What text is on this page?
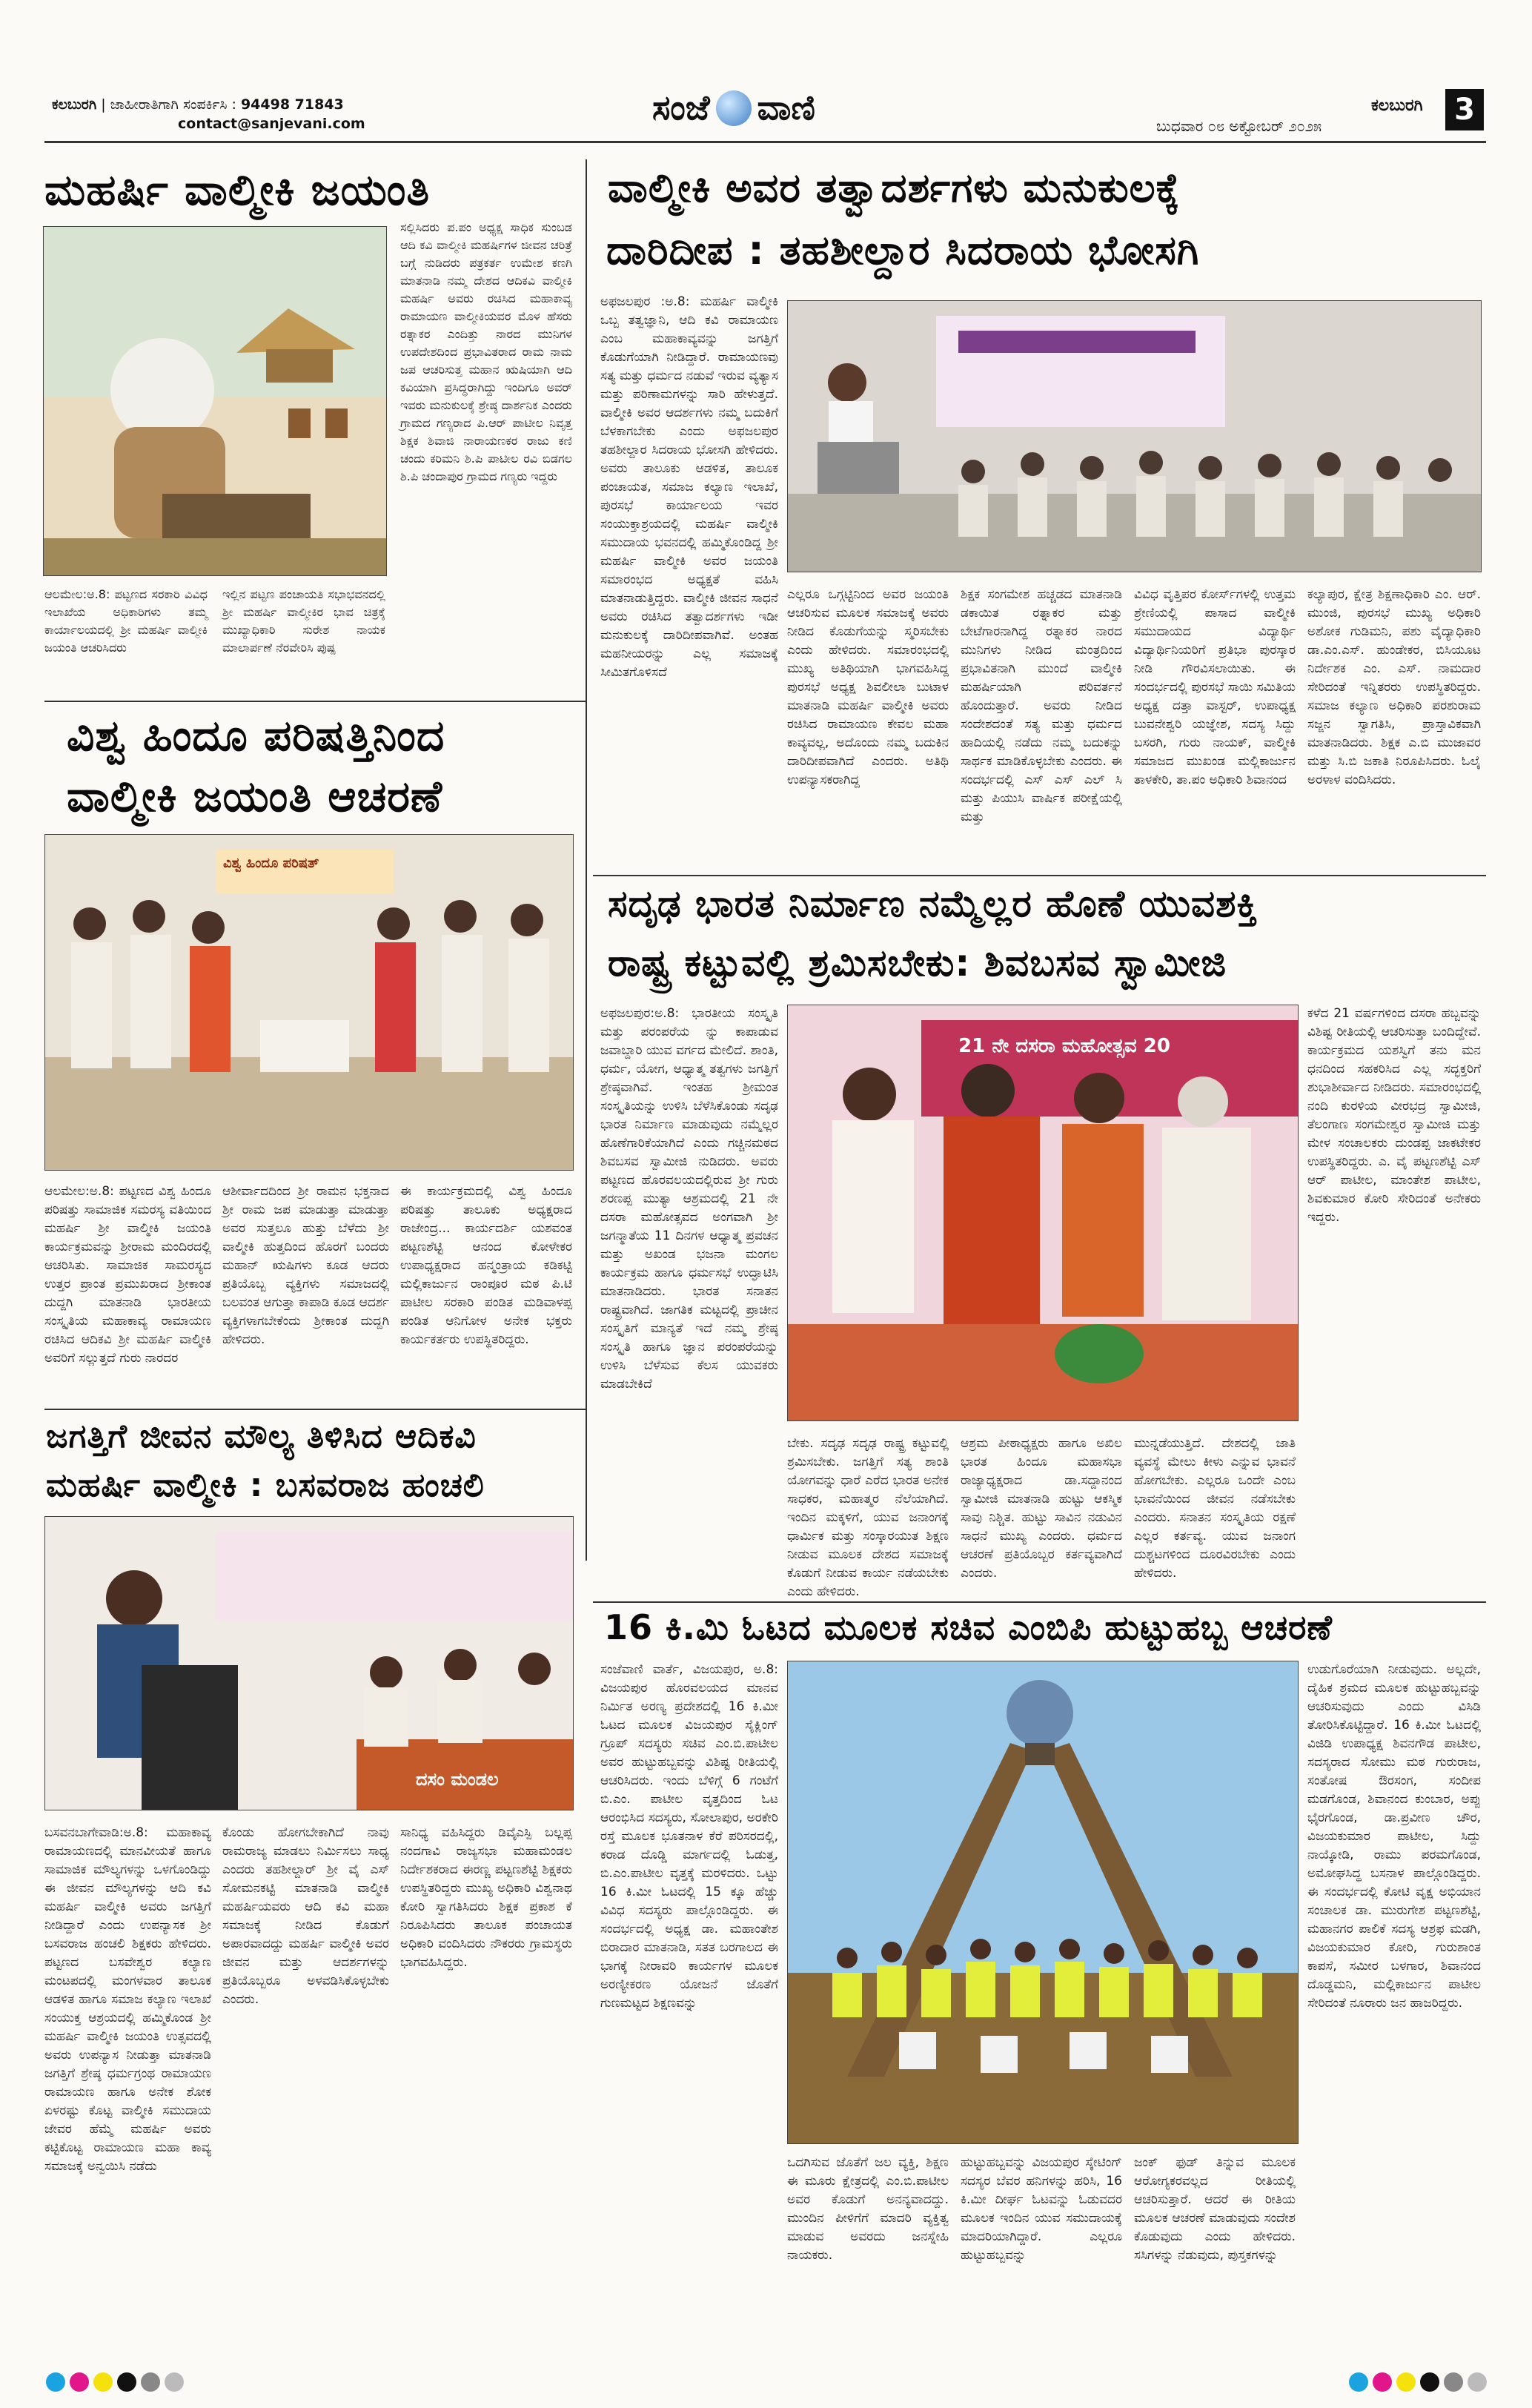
ಕಲಬುರಗಿ | ಜಾಹೀರಾತಿಗಾಗಿ ಸಂಪರ್ಕಿಸಿ : 94498 71843
contact@sanjevani.com	ಸಂಜೆ ವಾಣಿ	ಬುಧವಾರ ೦೮ ಅಕ್ಟೋಬರ್ ೨೦೨೫
ಕಲಬುರಗಿ	3
ಮಹರ್ಷಿ ವಾಲ್ಮೀಕಿ ಜಯಂತಿ
ಸಲ್ಲಿಸಿದರು ಪ.ಪಂ ಅಧ್ಯಕ್ಷ ಸಾಧಿಕ ಸುಂಬಡ ಆದಿ ಕವಿ ವಾಲ್ಮೀಕಿ ಮಹರ್ಷಿಗಳ ಜೀವನ ಚರಿತ್ರೆ ಬಗ್ಗೆ ನುಡಿದರು ಪತ್ರಕರ್ತ ಉಮೇಶ ಕಣಗಿ ಮಾತನಾಡಿ ನಮ್ಮ ದೇಶದ ಆದಿಕವಿ ವಾಲ್ಮೀಕಿ ಮಹರ್ಷಿ ಅವರು ರಚಿಸಿದ ಮಹಾಕಾವ್ಯ ರಾಮಾಯಣ ವಾಲ್ಮೀಕಿಯವರ ಮೊಳ ಹೆಸರು ರತ್ನಾಕರ ಎಂದಿತ್ತು ನಾರದ ಮುನಿಗಳ ಉಪದೇಶದಿಂದ ಪ್ರಭಾವಿತರಾದ ರಾಮ ನಾಮ ಜಪ ಆಚರಿಸುತ್ತ ಮಹಾನ ಋಷಿಯಾಗಿ ಆದಿ ಕವಿಯಾಗಿ ಪ್ರಸಿದ್ಧರಾಗಿದ್ದು ಇಂದಿಗೂ ಅವರ್ ಇವರು ಮನುಕುಲಕ್ಕೆ ಶ್ರೇಷ್ಠ ದಾರ್ಶನಿಕ ಎಂದರು ಗ್ರಾಮದ ಗಣ್ಯರಾದ ಪಿ.ಆರ್ ಪಾಟೀಲ ನಿವೃತ್ತ ಶಿಕ್ಷಕ ಶಿವಾಜಿ ನಾರಾಯಣಕರ ರಾಜು ಕಣಿ ಚಂದು ಕರಿಮನಿ ಶಿ.ಪಿ ಪಾಟೀಲ ರವಿ ಬಿಡಗಲ ಶಿ.ಪಿ ಚಂದಾಪುರ ಗ್ರಾಮದ ಗಣ್ಯರು ಇದ್ದರು
ಆಲಮೇಲ:ಅ.8: ಪಟ್ಟಣದ ಸರಕಾರಿ ವಿವಿಧ ಇಲಾಖೆಯ ಅಧಿಕಾರಿಗಳು ತಮ್ಮ ಕಾರ್ಯಾಲಯದಲ್ಲಿ ಶ್ರೀ ಮಹರ್ಷಿ ವಾಲ್ಮೀಕಿ ಜಯಂತಿ ಆಚರಿಸಿದರು
ಇಲ್ಲಿನ ಪಟ್ಟಣ ಪಂಚಾಯತಿ ಸಭಾಭವನದಲ್ಲಿ ಶ್ರೀ ಮಹರ್ಷಿ ವಾಲ್ಮೀಕಿರ ಭಾವ ಚಿತ್ರಕ್ಕೆ ಮುಖ್ಯಾಧಿಕಾರಿ ಸುರೇಶ ನಾಯಕ ಮಾಲಾರ್ಪಣೆ ನೆರವೇರಿಸಿ ಪುಷ್ಪ
ವಾಲ್ಮೀಕಿ ಅವರ ತತ್ವಾದರ್ಶಗಳು ಮನುಕುಲಕ್ಕೆ
ದಾರಿದೀಪ : ತಹಶೀಲ್ದಾರ ಸಿದರಾಯ ಭೋಸಗಿ
ಅಫಜಲಪುರ :ಅ.8: ಮಹರ್ಷಿ ವಾಲ್ಮೀಕಿ ಒಬ್ಬ ತತ್ವಜ್ಞಾನಿ, ಆದಿ ಕವಿ ರಾಮಾಯಣ ಎಂಬ ಮಹಾಕಾವ್ಯವನ್ನು ಜಗತ್ತಿಗೆ ಕೊಡುಗೆಯಾಗಿ ನೀಡಿದ್ದಾರೆ. ರಾಮಾಯಣವು ಸತ್ಯ ಮತ್ತು ಧರ್ಮದ ನಡುವೆ ಇರುವ ವ್ಯತ್ಯಾಸ ಮತ್ತು ಪರಿಣಾಮಗಳನ್ನು ಸಾರಿ ಹೇಳುತ್ತದೆ. ವಾಲ್ಮೀಕಿ ಅವರ ಆದರ್ಶಗಳು ನಮ್ಮ ಬದುಕಿಗೆ ಬೆಳಕಾಗಬೇಕು ಎಂದು ಅಫಜಲಪುರ ತಹಶೀಲ್ದಾರ ಸಿದರಾಯ ಭೋಸಗಿ ಹೇಳಿದರು. ಅವರು ತಾಲೂಕು ಆಡಳಿತ, ತಾಲೂಕ ಪಂಚಾಯತ, ಸಮಾಜ ಕಲ್ಯಾಣ ಇಲಾಖೆ, ಪುರಸಭೆ ಕಾರ್ಯಾಲಯ ಇವರ ಸಂಯುಕ್ತಾಶ್ರಯದಲ್ಲಿ ಮಹರ್ಷಿ ವಾಲ್ಮೀಕಿ ಸಮುದಾಯ ಭವನದಲ್ಲಿ ಹಮ್ಮಿಕೊಂಡಿದ್ದ ಶ್ರೀ ಮಹರ್ಷಿ ವಾಲ್ಮೀಕಿ ಅವರ ಜಯಂತಿ ಸಮಾರಂಭದ ಅಧ್ಯಕ್ಷತೆ ವಹಿಸಿ ಮಾತನಾಡುತ್ತಿದ್ದರು. ವಾಲ್ಮೀಕಿ ಜೀವನ ಸಾಧನೆ ಅವರು ರಚಿಸಿದ ತತ್ವಾದರ್ಶಗಳು ಇಡೀ ಮನುಕುಲಕ್ಕೆ ದಾರಿದೀಪವಾಗಿವೆ. ಅಂತಹ ಮಹನೀಯರನ್ನು ಎಲ್ಲ ಸಮಾಜಕ್ಕೆ ಸೀಮಿತಗೊಳಿಸದೆ
ಎಲ್ಲರೂ ಒಗ್ಗಟ್ಟಿನಿಂದ ಅವರ ಜಯಂತಿ ಆಚರಿಸುವ ಮೂಲಕ ಸಮಾಜಕ್ಕೆ ಅವರು ನೀಡಿದ ಕೊಡುಗೆಯನ್ನು ಸ್ಮರಿಸಬೇಕು ಎಂದು ಹೇಳಿದರು. ಸಮಾರಂಭದಲ್ಲಿ ಮುಖ್ಯ ಅತಿಥಿಯಾಗಿ ಭಾಗವಹಿಸಿದ್ದ ಪುರಸಭೆ ಅಧ್ಯಕ್ಷ ಶಿವಲೀಲಾ ಬುಟಾಳ ಮಾತನಾಡಿ ಮಹರ್ಷಿ ವಾಲ್ಮೀಕಿ ಅವರು ರಚಿಸಿದ ರಾಮಾಯಣ ಕೇವಲ ಮಹಾ ಕಾವ್ಯವಲ್ಲ, ಅದೊಂದು ನಮ್ಮ ಬದುಕಿನ ದಾರಿದೀಪವಾಗಿದೆ ಎಂದರು. ಅತಿಥಿ ಉಪನ್ಯಾಸಕರಾಗಿದ್ದ
ಶಿಕ್ಷಕ ಸಂಗಮೇಶ ಹಚ್ಚಡದ ಮಾತನಾಡಿ ಡಕಾಯಿತ ರತ್ನಾಕರ ಮತ್ತು ಬೇಟೆಗಾರನಾಗಿದ್ದ ರತ್ನಾಕರ ನಾರದ ಮುನಿಗಳು ನೀಡಿದ ಮಂತ್ರದಿಂದ ಪ್ರಭಾವಿತನಾಗಿ ಮುಂದೆ ವಾಲ್ಮೀಕಿ ಮಹರ್ಷಿಯಾಗಿ ಪರಿವರ್ತನೆ ಹೊಂದುತ್ತಾರೆ. ಅವರು ನೀಡಿದ ಸಂದೇಶದಂತೆ ಸತ್ಯ ಮತ್ತು ಧರ್ಮದ ಹಾದಿಯಲ್ಲಿ ನಡೆದು ನಮ್ಮ ಬದುಕನ್ನು ಸಾರ್ಥಕ ಮಾಡಿಕೊಳ್ಳಬೇಕು ಎಂದರು. ಈ ಸಂದರ್ಭದಲ್ಲಿ ಎಸ್ ಎಸ್ ಎಲ್ ಸಿ ಮತ್ತು ಪಿಯುಸಿ ವಾರ್ಷಿಕ ಪರೀಕ್ಷೆಯಲ್ಲಿ ಮತ್ತು
ವಿವಿಧ ವೃತ್ತಿಪರ ಕೋರ್ಸ್‌ಗಳಲ್ಲಿ ಉತ್ತಮ ಶ್ರೇಣಿಯಲ್ಲಿ ಪಾಸಾದ ವಾಲ್ಮೀಕಿ ಸಮುದಾಯದ ವಿದ್ಯಾರ್ಥಿ ವಿದ್ಯಾರ್ಥಿನಿಯರಿಗೆ ಪ್ರತಿಭಾ ಪುರಸ್ಕಾರ ನೀಡಿ ಗೌರವಿಸಲಾಯಿತು. ಈ ಸಂದರ್ಭದಲ್ಲಿ ಪುರಸಭೆ ಸಾಯಿ ಸಮಿತಿಯ ಅಧ್ಯಕ್ಷ ದತ್ತಾ ವಾಸ್ಟರ್, ಉಪಾಧ್ಯಕ್ಷ ಬುವನೇಶ್ವರಿ ಯಜ್ಞೇಶ, ಸದಸ್ಯ ಸಿದ್ದು ಬಸರಗಿ, ಗುರು ನಾಯಕ್, ವಾಲ್ಮೀಕಿ ಸಮಾಜದ ಮುಖಂಡ ಮಲ್ಲಿಕಾರ್ಜುನ ತಾಳಕೇರಿ, ತಾ.ಪಂ ಅಧಿಕಾರಿ ಶಿವಾನಂದ
ಕಲ್ಯಾಪುರ, ಕ್ಷೇತ್ರ ಶಿಕ್ಷಣಾಧಿಕಾರಿ ಎಂ. ಆರ್. ಮುಂಜಿ, ಪುರಸಭೆ ಮುಖ್ಯ ಅಧಿಕಾರಿ ಅಶೋಕ ಗುಡಿಮನಿ, ಪಶು ವೈದ್ಯಾಧಿಕಾರಿ ಡಾ.ಎಂ.ಎಸ್. ಹುಂಡೇಕರ, ಬಿಸಿಯೂಟ ನಿರ್ದೇಶಕ ಎಂ. ಎಸ್. ನಾಮದಾರ ಸೇರಿದಂತೆ ಇನ್ನಿತರರು ಉಪಸ್ಥಿತರಿದ್ದರು. ಸಮಾಜ ಕಲ್ಯಾಣ ಅಧಿಕಾರಿ ಪರಶುರಾಮ ಸಜ್ಜನ ಸ್ವಾಗತಿಸಿ, ಪ್ರಾಸ್ತಾವಿಕವಾಗಿ ಮಾತನಾಡಿದರು. ಶಿಕ್ಷಕ ಎ.ಬಿ ಮುಜಾವರ ಮತ್ತು ಸಿ.ಬಿ ಜಕಾತಿ ನಿರೂಪಿಸಿದರು. ಓಲೈ ಅರಳಾಳ ವಂದಿಸಿದರು.
ವಿಶ್ವ ಹಿಂದೂ ಪರಿಷತ್ತಿನಿಂದ
ವಾಲ್ಮೀಕಿ ಜಯಂತಿ ಆಚರಣೆ
ವಿಶ್ವ ಹಿಂದೂ ಪರಿಷತ್
ಆಲಮೇಲ:ಅ.8: ಪಟ್ಟಣದ ವಿಶ್ವ ಹಿಂದೂ ಪರಿಷತ್ತು ಸಾಮಾಜಿಕ ಸಮರಸ್ಯ ವತಿಯಿಂದ ಮಹರ್ಷಿ ಶ್ರೀ ವಾಲ್ಮೀಕಿ ಜಯಂತಿ ಕಾರ್ಯಕ್ರಮವನ್ನು ಶ್ರೀರಾಮ ಮಂದಿರದಲ್ಲಿ ಆಚರಿಸಿತು. ಸಾಮಾಜಿಕ ಸಾಮರಸ್ಯದ ಉತ್ತರ ಪ್ರಾಂತ ಪ್ರಮುಖರಾದ ಶ್ರೀಕಾಂತ ದುದ್ದಗಿ ಮಾತನಾಡಿ ಭಾರತೀಯ ಸಂಸ್ಕೃತಿಯ ಮಹಾಕಾವ್ಯ ರಾಮಾಯಣ ರಚಿಸಿದ ಆದಿಕವಿ ಶ್ರೀ ಮಹರ್ಷಿ ವಾಲ್ಮೀಕಿ ಅವರಿಗೆ ಸಲ್ಲುತ್ತದೆ ಗುರು ನಾರದರ
ಆಶೀರ್ವಾದದಿಂದ ಶ್ರೀ ರಾಮನ ಭಕ್ತನಾದ ಶ್ರೀ ರಾಮ ಜಪ ಮಾಡುತ್ತಾ ಮಾಡುತ್ತಾ ಅವರ ಸುತ್ತಲೂ ಹುತ್ತು ಬೆಳೆದು ಶ್ರೀ ವಾಲ್ಮೀಕಿ ಹುತ್ತದಿಂದ ಹೊರಗೆ ಬಂದರು ಮಹಾನ್ ಋಷಿಗಳು ಕೂಡ ಆದರು ಪ್ರತಿಯೊಬ್ಬ ವ್ಯಕ್ತಿಗಳು ಸಮಾಜದಲ್ಲಿ ಬಲವಂತ ಆಗುತ್ತಾ ಕಾಪಾಡಿ ಕೂಡ ಆದರ್ಶ ವ್ಯಕ್ತಿಗಳಾಗಬೇಕೆಂದು ಶ್ರೀಕಾಂತ ದುದ್ದಗಿ ಹೇಳಿದರು.
ಈ ಕಾರ್ಯಕ್ರಮದಲ್ಲಿ ವಿಶ್ವ ಹಿಂದೂ ಪರಿಷತ್ತು ತಾಲೂಕು ಅಧ್ಯಕ್ಷರಾದ ರಾಜೇಂದ್ರ... ಕಾರ್ಯದರ್ಶಿ ಯಶವಂತ ಪಟ್ಟಣಶೆಟ್ಟಿ ಆನಂದ ಕೋಳೇಕರ ಉಪಾಧ್ಯಕ್ಷರಾದ ಹನ್ಮಂತ್ರಾಯ ಕಡಿಕಟ್ಟಿ ಮಲ್ಲಿಕಾರ್ಜುನ ರಾಂಪೂರ ಮಠ ಪಿ.ಟಿ ಪಾಟೀಲ ಸರಕಾರಿ ಪಂಡಿತ ಮಡಿವಾಳಪ್ಪ ಪಂಡಿತ ಆನಿಗೋಳ ಅನೇಕ ಭಕ್ತರು ಕಾರ್ಯಕರ್ತರು ಉಪಸ್ಥಿತರಿದ್ದರು.
ಜಗತ್ತಿಗೆ ಜೀವನ ಮೌಲ್ಯ ತಿಳಿಸಿದ ಆದಿಕವಿ
ಮಹರ್ಷಿ ವಾಲ್ಮೀಕಿ : ಬಸವರಾಜ ಹಂಚಲಿ
ದಸಂ ಮಂಡಲ
ಬಸವನಬಾಗೇವಾಡಿ:ಅ.8: ಮಹಾಕಾವ್ಯ ರಾಮಾಯಣದಲ್ಲಿ ಮಾನವೀಯತೆ ಹಾಗೂ ಸಾಮಾಜಿಕ ಮೌಲ್ಯಗಳನ್ನು ಒಳಗೊಂಡಿದ್ದು ಈ ಜೀವನ ಮೌಲ್ಯಗಳನ್ನು ಆದಿ ಕವಿ ಮಹರ್ಷಿ ವಾಲ್ಮೀಕಿ ಅವರು ಜಗತ್ತಿಗೆ ನೀಡಿದ್ದಾರೆ ಎಂದು ಉಪನ್ಯಾಸಕ ಶ್ರೀ ಬಸವರಾಜ ಹಂಚಲಿ ಶಿಕ್ಷಕರು ಹೇಳಿದರು. ಪಟ್ಟಣದ ಬಸವೇಶ್ವರ ಕಲ್ಯಾಣ ಮಂಟಪದಲ್ಲಿ ಮಂಗಳವಾರ ತಾಲೂಕ ಆಡಳಿತ ಹಾಗೂ ಸಮಾಜ ಕಲ್ಯಾಣ ಇಲಾಖೆ ಸಂಯುಕ್ತ ಆಶ್ರಯದಲ್ಲಿ ಹಮ್ಮಿಕೊಂಡ ಶ್ರೀ ಮಹರ್ಷಿ ವಾಲ್ಮೀಕಿ ಜಯಂತಿ ಉತ್ಸವದಲ್ಲಿ ಅವರು ಉಪನ್ಯಾಸ ನೀಡುತ್ತಾ ಮಾತನಾಡಿ ಜಗತ್ತಿಗೆ ಶ್ರೇಷ್ಠ ಧರ್ಮಗ್ರಂಥ ರಾಮಾಯಣ ರಾಮಾಯಣ ಹಾಗೂ ಅನೇಕ ಶೋಕ ಏಳರಷ್ಟು ಕೊಟ್ಟ ವಾಲ್ಮೀಕಿ ಸಮುದಾಯ ಜೇವರ ಹೆಮ್ಮೆ ಮಹರ್ಷಿ ಅವರು ಕಟ್ಟಿಕೊಟ್ಟ ರಾಮಾಯಣ ಮಹಾ ಕಾವ್ಯ ಸಮಾಜಕ್ಕೆ ಅನ್ವಯಿಸಿ ನಡೆದು
ಕೊಂಡು ಹೋಗಬೇಕಾಗಿದೆ ನಾವು ರಾಮರಾಜ್ಯ ಮಾಡಲು ನಿರ್ಮಿಸಲು ಸಾಧ್ಯ ಎಂದರು ತಹಶೀಲ್ದಾರ್ ಶ್ರೀ ವೈ ಎಸ್ ಸೋಮನಕಟ್ಟಿ ಮಾತನಾಡಿ ವಾಲ್ಮೀಕಿ ಮಹರ್ಷಿಯವರು ಆದಿ ಕವಿ ಮಹಾ ಸಮಾಜಕ್ಕೆ ನೀಡಿದ ಕೊಡುಗೆ ಅಪಾರವಾದದ್ದು ಮಹರ್ಷಿ ವಾಲ್ಮೀಕಿ ಅವರ ಜೀವನ ಮತ್ತು ಆದರ್ಶಗಳನ್ನು ಪ್ರತಿಯೊಬ್ಬರೂ ಅಳವಡಿಸಿಕೊಳ್ಳಬೇಕು ಎಂದರು.
ಸಾನಿಧ್ಯ ವಹಿಸಿದ್ದರು ಡಿವೈಎಸ್ಪಿ ಬಲ್ಲಪ್ಪ ನಂದಗಾವಿ ರಾಜ್ಯಸಭಾ ಮಹಾಮಂಡಲ ನಿರ್ದೇಶಕರಾದ ಈರಣ್ಣ ಪಟ್ಟಣಶೆಟ್ಟಿ ಶಿಕ್ಷಕರು ಉಪಸ್ಥಿತರಿದ್ದರು ಮುಖ್ಯ ಅಧಿಕಾರಿ ವಿಶ್ವನಾಥ ಕೋರಿ ಸ್ವಾಗತಿಸಿದರು ಶಿಕ್ಷಕ ಪ್ರಕಾಶ ಕೆ ನಿರೂಪಿಸಿದರು ತಾಲೂಕ ಪಂಚಾಯತ ಅಧಿಕಾರಿ ವಂದಿಸಿದರು ನೌಕರರು ಗ್ರಾಮಸ್ಥರು ಭಾಗವಹಿಸಿದ್ದರು.
ಸದೃಢ ಭಾರತ ನಿರ್ಮಾಣ ನಮ್ಮೆಲ್ಲರ ಹೊಣೆ ಯುವಶಕ್ತಿ
ರಾಷ್ಟ್ರ ಕಟ್ಟುವಲ್ಲಿ ಶ್ರಮಿಸಬೇಕು: ಶಿವಬಸವ ಸ್ವಾಮೀಜಿ
ಅಫಜಲಪುರ:ಅ.8: ಭಾರತೀಯ ಸಂಸ್ಕೃತಿ ಮತ್ತು ಪರಂಪರೆಯ ನ್ನು ಕಾಪಾಡುವ ಜವಾಬ್ದಾರಿ ಯುವ ವರ್ಗದ ಮೇಲಿದೆ. ಶಾಂತಿ, ಧರ್ಮ, ಯೋಗ, ಆಧ್ಯಾತ್ಮ ತತ್ವಗಳು ಜಗತ್ತಿಗೆ ಶ್ರೇಷ್ಠವಾಗಿವೆ. ಇಂತಹ ಶ್ರೀಮಂತ ಸಂಸ್ಕೃತಿಯನ್ನು ಉಳಿಸಿ ಬೆಳೆಸಿಕೊಂಡು ಸದೃಢ ಭಾರತ ನಿರ್ಮಾಣ ಮಾಡುವುದು ನಮ್ಮೆಲ್ಲರ ಹೊಣೆಗಾರಿಕೆಯಾಗಿದೆ ಎಂದು ಗಚ್ಚಿನಮಠದ ಶಿವಬಸವ ಸ್ವಾಮೀಜಿ ನುಡಿದರು. ಅವರು ಪಟ್ಟಣದ ಹೊರವಲಯದಲ್ಲಿರುವ ಶ್ರೀ ಗುರು ಶರಣಪ್ಪ ಮುತ್ಯಾ ಆಶ್ರಮದಲ್ಲಿ 21 ನೇ ದಸರಾ ಮಹೋತ್ಸವದ ಅಂಗವಾಗಿ ಶ್ರೀ ಜಗನ್ಮಾತೆಯ 11 ದಿನಗಳ ಆಧ್ಯಾತ್ಮ ಪ್ರವಚನ ಮತ್ತು ಅಖಂಡ ಭಜನಾ ಮಂಗಲ ಕಾರ್ಯಕ್ರಮ ಹಾಗೂ ಧರ್ಮಸಭೆ ಉದ್ಘಾಟಿಸಿ ಮಾತನಾಡಿದರು. ಭಾರತ ಸನಾತನ ರಾಷ್ಟ್ರವಾಗಿದೆ. ಜಾಗತಿಕ ಮಟ್ಟದಲ್ಲಿ ಪ್ರಾಚೀನ ಸಂಸ್ಕೃತಿಗೆ ಮಾನ್ಯತೆ ಇದೆ ನಮ್ಮ ಶ್ರೇಷ್ಠ ಸಂಸ್ಕೃತಿ ಹಾಗೂ ಜ್ಞಾನ ಪರಂಪರೆಯನ್ನು ಉಳಿಸಿ ಬೆಳೆಸುವ ಕೆಲಸ ಯುವಕರು ಮಾಡಬೇಕಿದೆ
21 ನೇ ದಸರಾ ಮಹೋತ್ಸವ 20
ಕಳೆದ 21 ವರ್ಷಗಳಿಂದ ದಸರಾ ಹಬ್ಬವನ್ನು ವಿಶಿಷ್ಟ ರೀತಿಯಲ್ಲಿ ಆಚರಿಸುತ್ತಾ ಬಂದಿದ್ದೇವೆ. ಕಾರ್ಯಕ್ರಮದ ಯಶಸ್ವಿಗೆ ತನು ಮನ ಧನದಿಂದ ಸಹಕರಿಸಿದ ಎಲ್ಲ ಸದ್ಭಕ್ತರಿಗೆ ಶುಭಾಶೀರ್ವಾದ ನೀಡಿದರು. ಸಮಾರಂಭದಲ್ಲಿ ನಂದಿ ಕುರಳಿಯ ವೀರಭದ್ರ ಸ್ವಾಮೀಜಿ, ತೆಲಂಗಾಣ ಸಂಗಮೇಶ್ವರ ಸ್ವಾಮೀಜಿ ಮತ್ತು ಮೇಳ ಸಂಚಾಲಕರು ದುಂಡಪ್ಪ ಜಾಕಟೇಕರ ಉಪಸ್ಥಿತರಿದ್ದರು. ಎ. ವೈ ಪಟ್ಟಣಶೆಟ್ಟಿ ಎಸ್ ಆರ್ ಪಾಟೀಲ, ಮಾಂತೇಶ ಪಾಟೀಲ, ಶಿವಕುಮಾರ ಕೋರಿ ಸೇರಿದಂತೆ ಅನೇಕರು ಇದ್ದರು.
ಬೇಕು. ಸದೃಢ ಸದೃಢ ರಾಷ್ಟ್ರ ಕಟ್ಟುವಲ್ಲಿ ಶ್ರಮಿಸಬೇಕು. ಜಗತ್ತಿಗೆ ಸತ್ಯ ಶಾಂತಿ ಯೋಗವನ್ನು ಧಾರೆ ಎರೆದ ಭಾರತ ಅನೇಕ ಸಾಧಕರ, ಮಹಾತ್ಮರ ನೆಲೆಯಾಗಿದೆ. ಇಂದಿನ ಮಕ್ಕಳಿಗೆ, ಯುವ ಜನಾಂಗಕ್ಕೆ ಧಾರ್ಮಿಕ ಮತ್ತು ಸಂಸ್ಕಾರಯುತ ಶಿಕ್ಷಣ ನೀಡುವ ಮೂಲಕ ದೇಶದ ಸಮಾಜಕ್ಕೆ ಕೊಡುಗೆ ನೀಡುವ ಕಾರ್ಯ ನಡೆಯಬೇಕು ಎಂದು ಹೇಳಿದರು.
ಆಶ್ರಮ ಪೀಠಾಧ್ಯಕ್ಷರು ಹಾಗೂ ಅಖಿಲ ಭಾರತ ಹಿಂದೂ ಮಹಾಸಭಾ ರಾಜ್ಯಾಧ್ಯಕ್ಷರಾದ ಡಾ.ಸದ್ದಾನಂದ ಸ್ವಾಮೀಜಿ ಮಾತನಾಡಿ ಹುಟ್ಟು ಆಕಸ್ಮಿಕ ಸಾವು ನಿಶ್ಚಿತ. ಹುಟ್ಟು ಸಾವಿನ ನಡುವಿನ ಸಾಧನೆ ಮುಖ್ಯ ಎಂದರು. ಧರ್ಮದ ಆಚರಣೆ ಪ್ರತಿಯೊಬ್ಬರ ಕರ್ತವ್ಯವಾಗಿದೆ ಎಂದರು.
ಮುನ್ನಡೆಯುತ್ತಿದೆ. ದೇಶದಲ್ಲಿ ಜಾತಿ ವ್ಯವಸ್ಥೆ ಮೇಲು ಕೀಳು ಎನ್ನುವ ಭಾವನೆ ಹೋಗಬೇಕು. ಎಲ್ಲರೂ ಒಂದೇ ಎಂಬ ಭಾವನೆಯಿಂದ ಜೀವನ ನಡೆಸಬೇಕು ಎಂದರು. ಸನಾತನ ಸಂಸ್ಕೃತಿಯ ರಕ್ಷಣೆ ಎಲ್ಲರ ಕರ್ತವ್ಯ. ಯುವ ಜನಾಂಗ ದುಶ್ಚಟಗಳಿಂದ ದೂರವಿರಬೇಕು ಎಂದು ಹೇಳಿದರು.
16 ಕಿ.ಮಿ ಓಟದ ಮೂಲಕ ಸಚಿವ ಎಂಬಿಪಿ ಹುಟ್ಟುಹಬ್ಬ ಆಚರಣೆ
ಸಂಜೆವಾಣಿ ವಾರ್ತೆ, ವಿಜಯಪುರ, ಅ.8: ವಿಜಯಪುರ ಹೊರವಲಯದ ಮಾನವ ನಿರ್ಮಿತ ಅರಣ್ಯ ಪ್ರದೇಶದಲ್ಲಿ 16 ಕಿ.ಮೀ ಓಟದ ಮೂಲಕ ವಿಜಯಪುರ ಸೈಕ್ಲಿಂಗ್ ಗ್ರೂಪ್ ಸದಸ್ಯರು ಸಚಿವ ಎಂ.ಬಿ.ಪಾಟೀಲ ಅವರ ಹುಟ್ಟುಹಬ್ಬವನ್ನು ವಿಶಿಷ್ಟ ರೀತಿಯಲ್ಲಿ ಆಚರಿಸಿದರು. ಇಂದು ಬೆಳಿಗ್ಗೆ 6 ಗಂಟೆಗೆ ಬಿ.ಎಂ. ಪಾಟೀಲ ವೃತ್ತದಿಂದ ಓಟ ಆರಂಭಿಸಿದ ಸದಸ್ಯರು, ಸೋಲಾಪುರ, ಅರಕೇರಿ ರಸ್ತೆ ಮೂಲಕ ಭೂತನಾಳ ಕೆರೆ ಪರಿಸರದಲ್ಲಿ, ಕರಾಡ ದೊಡ್ಡಿ ಮಾರ್ಗದಲ್ಲಿ ಓಡುತ್ತ, ಬಿ.ಎಂ.ಪಾಟೀಲ ವೃತ್ತಕ್ಕೆ ಮರಳಿದರು. ಒಟ್ಟು 16 ಕಿ.ಮೀ ಓಟದಲ್ಲಿ 15 ಕ್ಕೂ ಹೆಚ್ಚು ವಿವಿಧ ಸದಸ್ಯರು ಪಾಲ್ಗೊಂಡಿದ್ದರು. ಈ ಸಂದರ್ಭದಲ್ಲಿ ಅಧ್ಯಕ್ಷ ಡಾ. ಮಹಾಂತೇಶ ಬಿರಾದಾರ ಮಾತನಾಡಿ, ಸತತ ಬರಗಾಲದ ಈ ಭಾಗಕ್ಕೆ ನೀರಾವರಿ ಕಾರ್ಯಗಳ ಮೂಲಕ ಅರಣ್ಯೀಕರಣ ಯೋಜನೆ ಜೊತೆಗೆ ಗುಣಮಟ್ಟದ ಶಿಕ್ಷಣವನ್ನು
ಉಡುಗೊರೆಯಾಗಿ ನೀಡುವುದು. ಅಲ್ಲದೇ, ದೈಹಿಕ ಶ್ರಮದ ಮೂಲಕ ಹುಟ್ಟುಹಬ್ಬವನ್ನು ಆಚರಿಸುವುದು ಎಂದು ವಿಸಿಡಿ ತೋರಿಸಿಕೊಟ್ಟಿದ್ದಾರೆ. 16 ಕಿ.ಮೀ ಓಟದಲ್ಲಿ ವಿಜಿಡಿ ಉಪಾಧ್ಯಕ್ಷ ಶಿವನಗೌಡ ಪಾಟೀಲ, ಸದಸ್ಯರಾದ ಸೋಮು ಮಠ ಗುರುರಾಜ, ಸಂತೋಷ ಔರಸಂಗ, ಸಂದೀಪ ಮಡಗೊಂಡ, ಶಿವಾನಂದ ಕುಂಬಾರ, ಅಪ್ಪು ಭೈರಗೊಂಡ, ಡಾ.ಪ್ರವೀಣ ಚೌರ, ವಿಜಯಕುಮಾರ ಪಾಟೀಲ, ಸಿದ್ದು ನಾಯ್ಕೋಡಿ, ರಾಮು ಪರಮಗೊಂಡ, ಅಮೋಘಸಿದ್ಧ ಬಸನಾಳ ಪಾಲ್ಗೊಂಡಿದ್ದರು. ಈ ಸಂದರ್ಭದಲ್ಲಿ ಕೋಟಿ ವೃಕ್ಷ ಅಭಿಯಾನ ಸಂಚಾಲಕ ಡಾ. ಮುರುಗೇಶ ಪಟ್ಟಣಶೆಟ್ಟಿ, ಮಹಾನಗರ ಪಾಲಿಕೆ ಸದಸ್ಯ ಆಶ್ರಫ ಮಡಗಿ, ವಿಜಯಕುಮಾರ ಕೋರಿ, ಗುರುಶಾಂತ ಕಾಪಸೆ, ಸಮೀರ ಬಳಗಾರ, ಶಿವಾನಂದ ದೊಡ್ಡಮನಿ, ಮಲ್ಲಿಕಾರ್ಜುನ ಪಾಟೀಲ ಸೇರಿದಂತೆ ನೂರಾರು ಜನ ಹಾಜರಿದ್ದರು.
ಒದಗಿಸುವ ಜೊತೆಗೆ ಜಲ ವ್ಯಕ್ತಿ, ಶಿಕ್ಷಣ ಈ ಮೂರು ಕ್ಷೇತ್ರದಲ್ಲಿ ಎಂ.ಬಿ.ಪಾಟೀಲ ಅವರ ಕೊಡುಗೆ ಅನನ್ಯವಾದದ್ದು. ಮುಂದಿನ ಪೀಳಿಗೆಗೆ ಮಾದರಿ ವ್ಯಕ್ತಿತ್ವ ಮಾಡುವ ಅವರದು ಜನಸ್ನೇಹಿ ನಾಯಕರು.
ಹುಟ್ಟುಹಬ್ಬವನ್ನು ವಿಜಯಪುರ ಸ್ಕೇಟಿಂಗ್ ಸದಸ್ಯರ ಬೆವರ ಹನಿಗಳನ್ನು ಹರಿಸಿ, 16 ಕಿ.ಮೀ ದೀರ್ಘ ಓಟವನ್ನು ಓಡುವದರ ಮೂಲಕ ಇಂದಿನ ಯುವ ಸಮುದಾಯಕ್ಕೆ ಮಾದರಿಯಾಗಿದ್ದಾರೆ. ಎಲ್ಲರೂ ಹುಟ್ಟುಹಬ್ಬವನ್ನು
ಜಂಕ್ ಫುಡ್ ತಿನ್ನುವ ಮೂಲಕ ಆರೋಗ್ಯಕರವಲ್ಲದ ರೀತಿಯಲ್ಲಿ ಆಚರಿಸುತ್ತಾರೆ. ಆದರೆ ಈ ರೀತಿಯ ಮೂಲಕ ಆಚರಣೆ ಮಾಡುವುದು ಸಂದೇಶ ಕೊಡುವುದು ಎಂದು ಹೇಳಿದರು. ಸಸಿಗಳನ್ನು ನೆಡುವುದು, ಪುಸ್ತಕಗಳನ್ನು
